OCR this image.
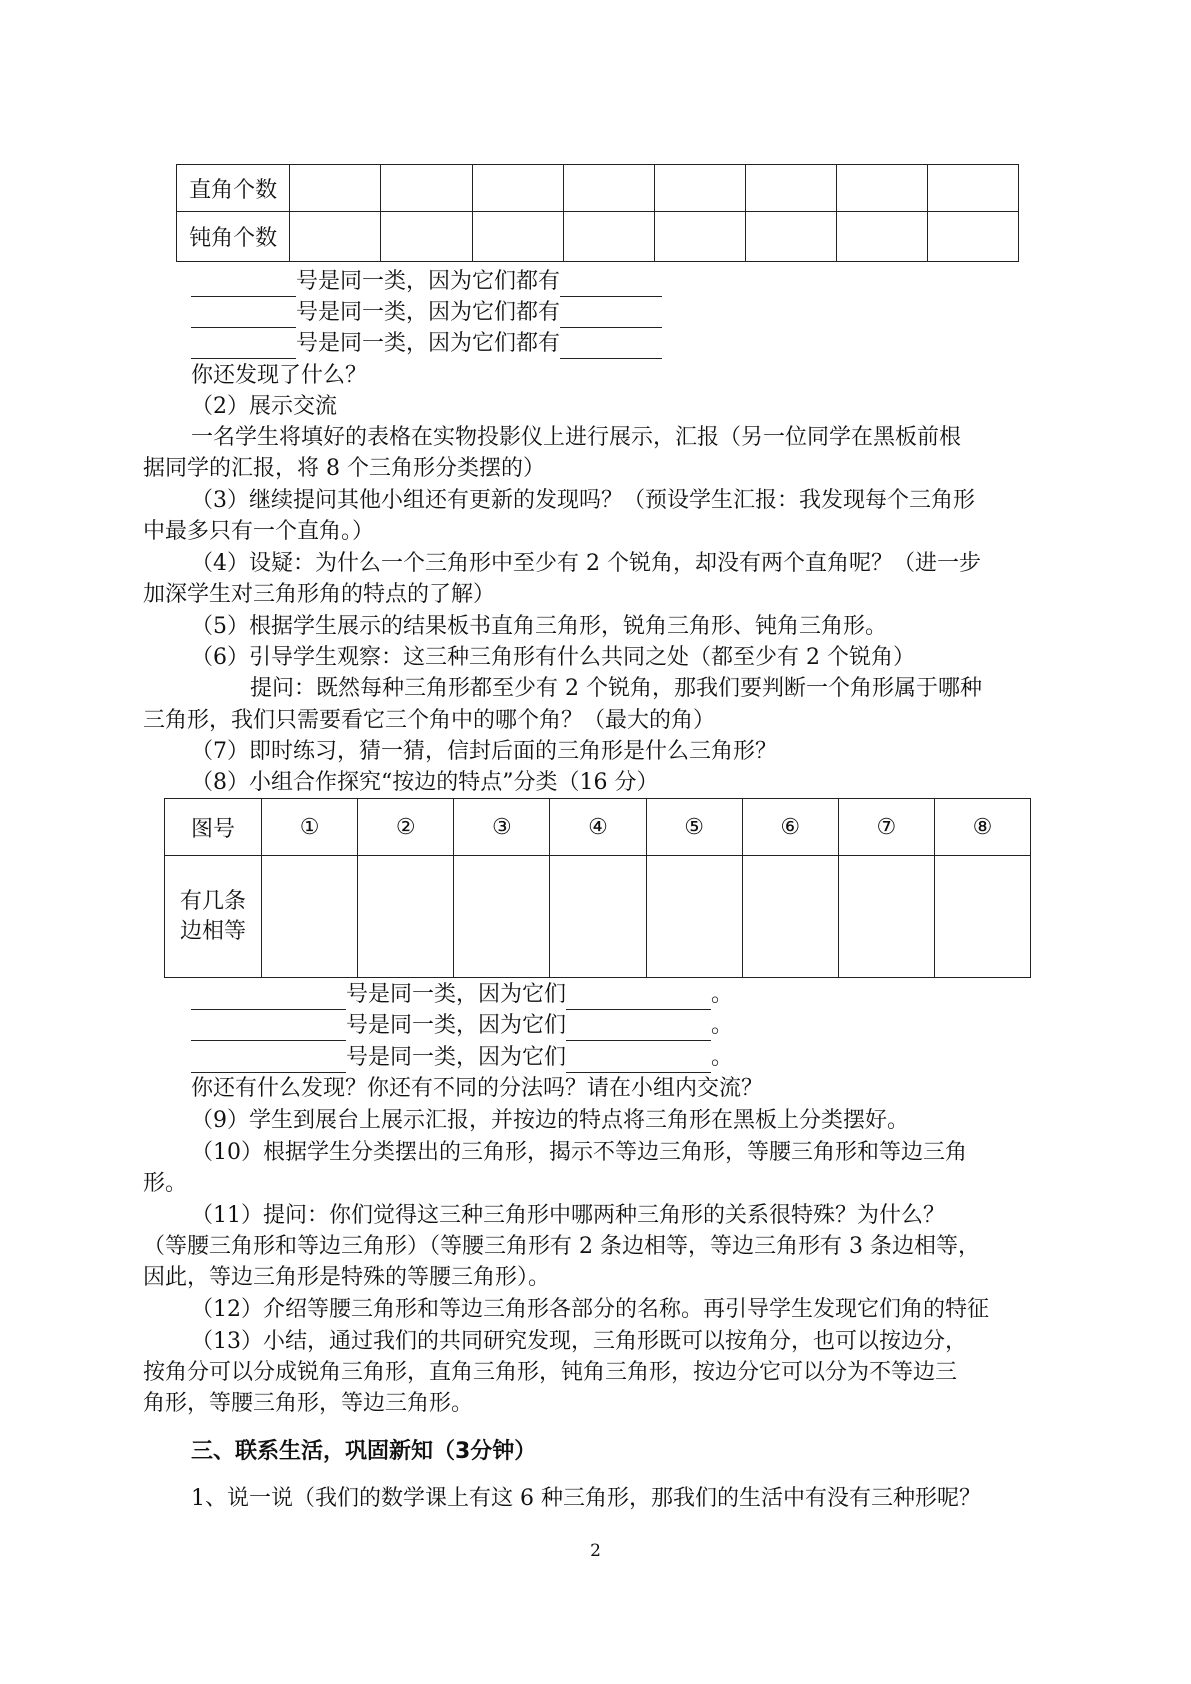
直角个数								
钝角个数								
号是同一类，因为它们都有
号是同一类，因为它们都有
号是同一类，因为它们都有
你还发现了什么？
（2）展示交流
一名学生将填好的表格在实物投影仪上进行展示，汇报（另一位同学在黑板前根
据同学的汇报，将 8 个三角形分类摆的）
（3）继续提问其他小组还有更新的发现吗？（预设学生汇报：我发现每个三角形
中最多只有一个直角。）
（4）设疑：为什么一个三角形中至少有 2 个锐角，却没有两个直角呢？（进一步
加深学生对三角形角的特点的了解）
（5）根据学生展示的结果板书直角三角形，锐角三角形、钝角三角形。
（6）引导学生观察：这三种三角形有什么共同之处（都至少有 2 个锐角）
提问：既然每种三角形都至少有 2 个锐角，那我们要判断一个角形属于哪种
三角形，我们只需要看它三个角中的哪个角？（最大的角）
（7）即时练习，猜一猜，信封后面的三角形是什么三角形？
（8）小组合作探究“按边的特点”分类（16 分）
图号	①	②	③	④	⑤	⑥	⑦	⑧

有几条
边相等								

号是同一类，因为它们	。
号是同一类，因为它们	。
号是同一类，因为它们	。
你还有什么发现？你还有不同的分法吗？请在小组内交流？
（9）学生到展台上展示汇报，并按边的特点将三角形在黑板上分类摆好。
（10）根据学生分类摆出的三角形，揭示不等边三角形，等腰三角形和等边三角
形。
（11）提问：你们觉得这三种三角形中哪两种三角形的关系很特殊？为什么？
（等腰三角形和等边三角形）（等腰三角形有 2 条边相等，等边三角形有 3 条边相等，
因此，等边三角形是特殊的等腰三角形）。
（12）介绍等腰三角形和等边三角形各部分的名称。再引导学生发现它们角的特征
（13）小结，通过我们的共同研究发现，三角形既可以按角分，也可以按边分，
按角分可以分成锐角三角形，直角三角形，钝角三角形，按边分它可以分为不等边三
角形，等腰三角形，等边三角形。
三、联系生活，巩固新知（3分钟）
1、说一说（我们的数学课上有这 6 种三角形，那我们的生活中有没有三种形呢？
2
